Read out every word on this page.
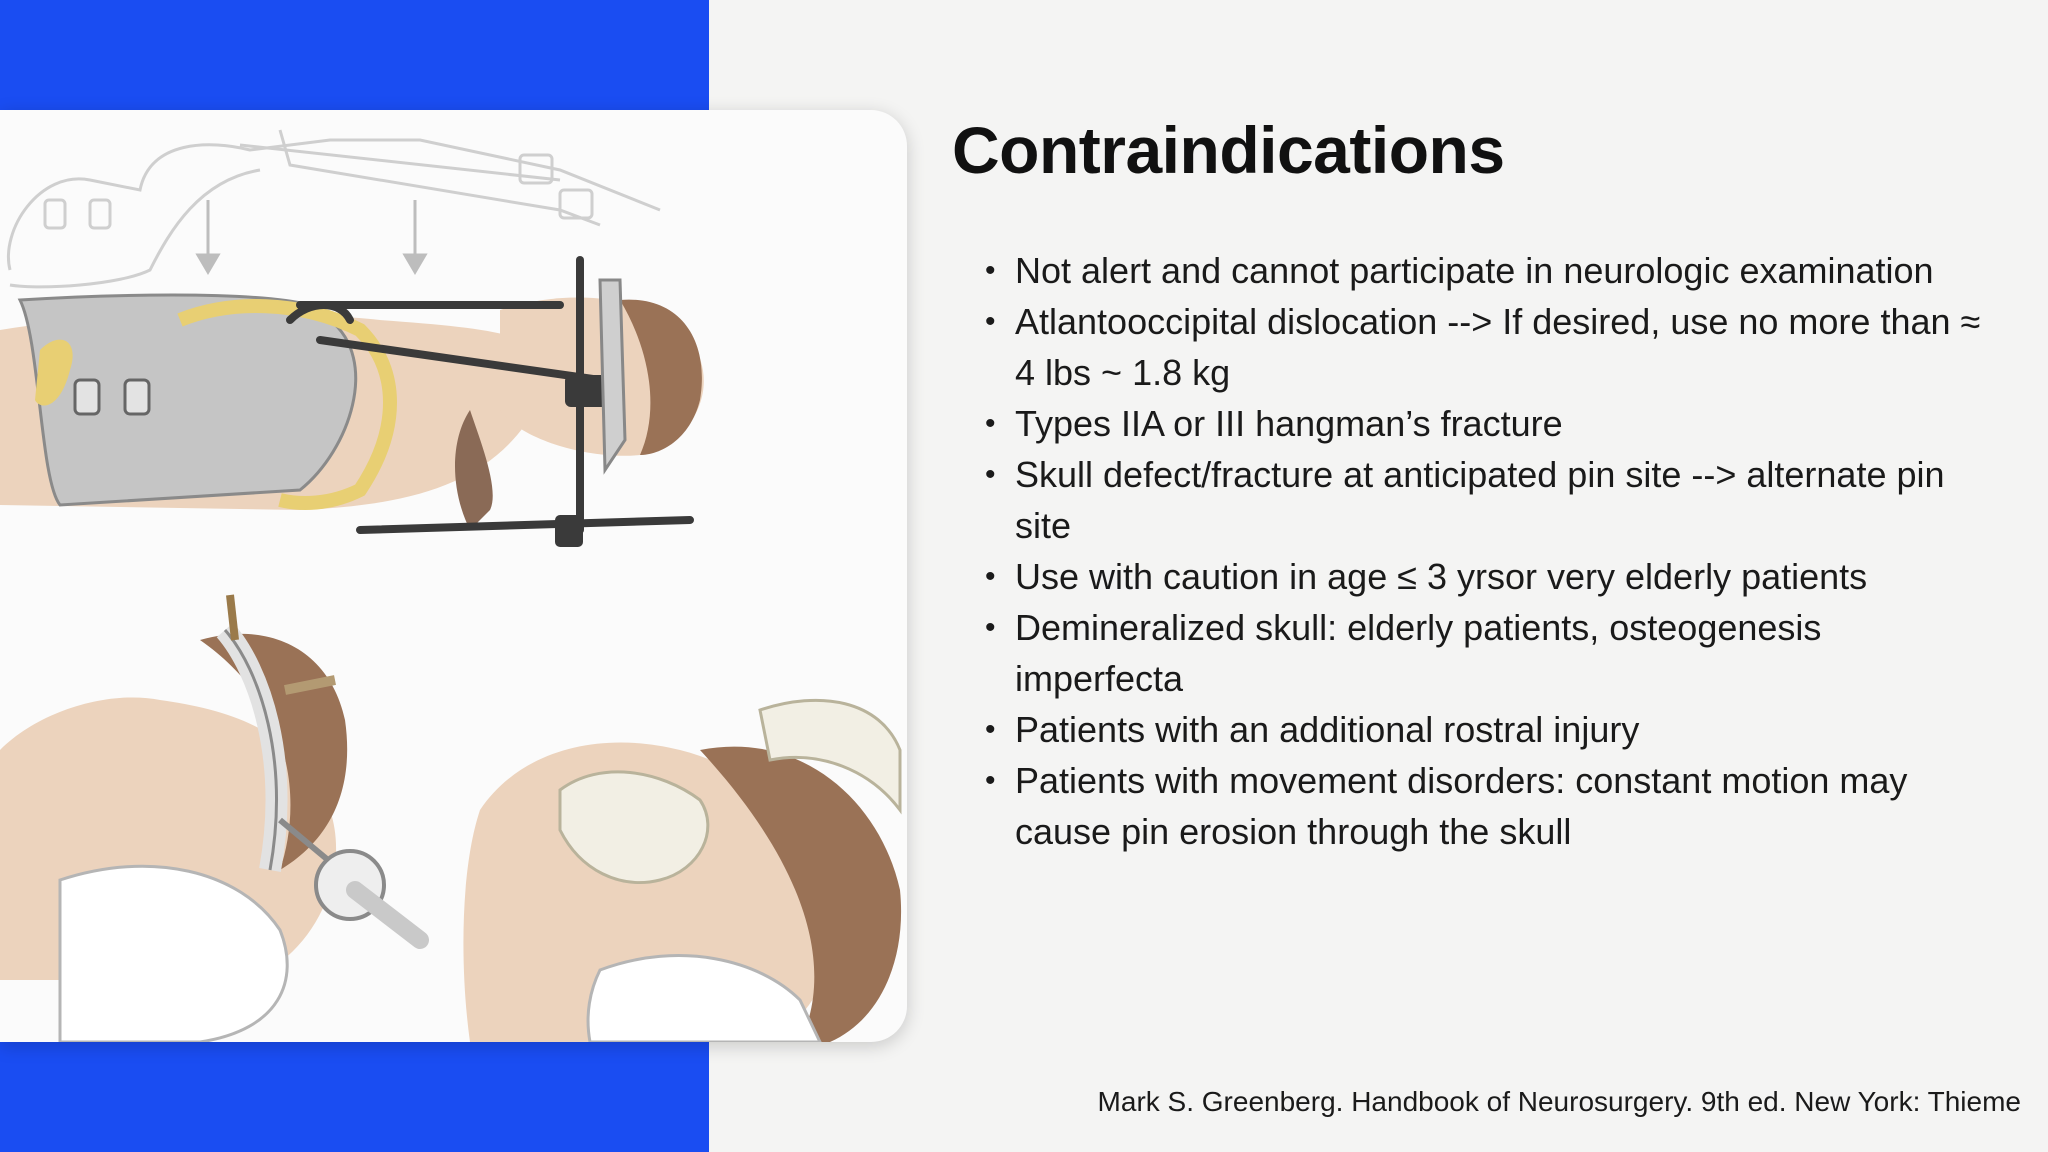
Contraindications
• Not alert and cannot participate in neurologic examination
• Atlantooccipital dislocation --> If desired, use no more than ≈ 4 lbs ~ 1.8 kg
• Types IIA or III hangman’s fracture
• Skull defect/fracture at anticipated pin site --> alternate pin site
• Use with caution in age ≤ 3 yrsor very elderly patients
• Demineralized skull: elderly patients, osteogenesis imperfecta
• Patients with an additional rostral injury
• Patients with movement disorders: constant motion may cause pin erosion through the skull
Mark S. Greenberg. Handbook of Neurosurgery. 9th ed. New York: Thieme
